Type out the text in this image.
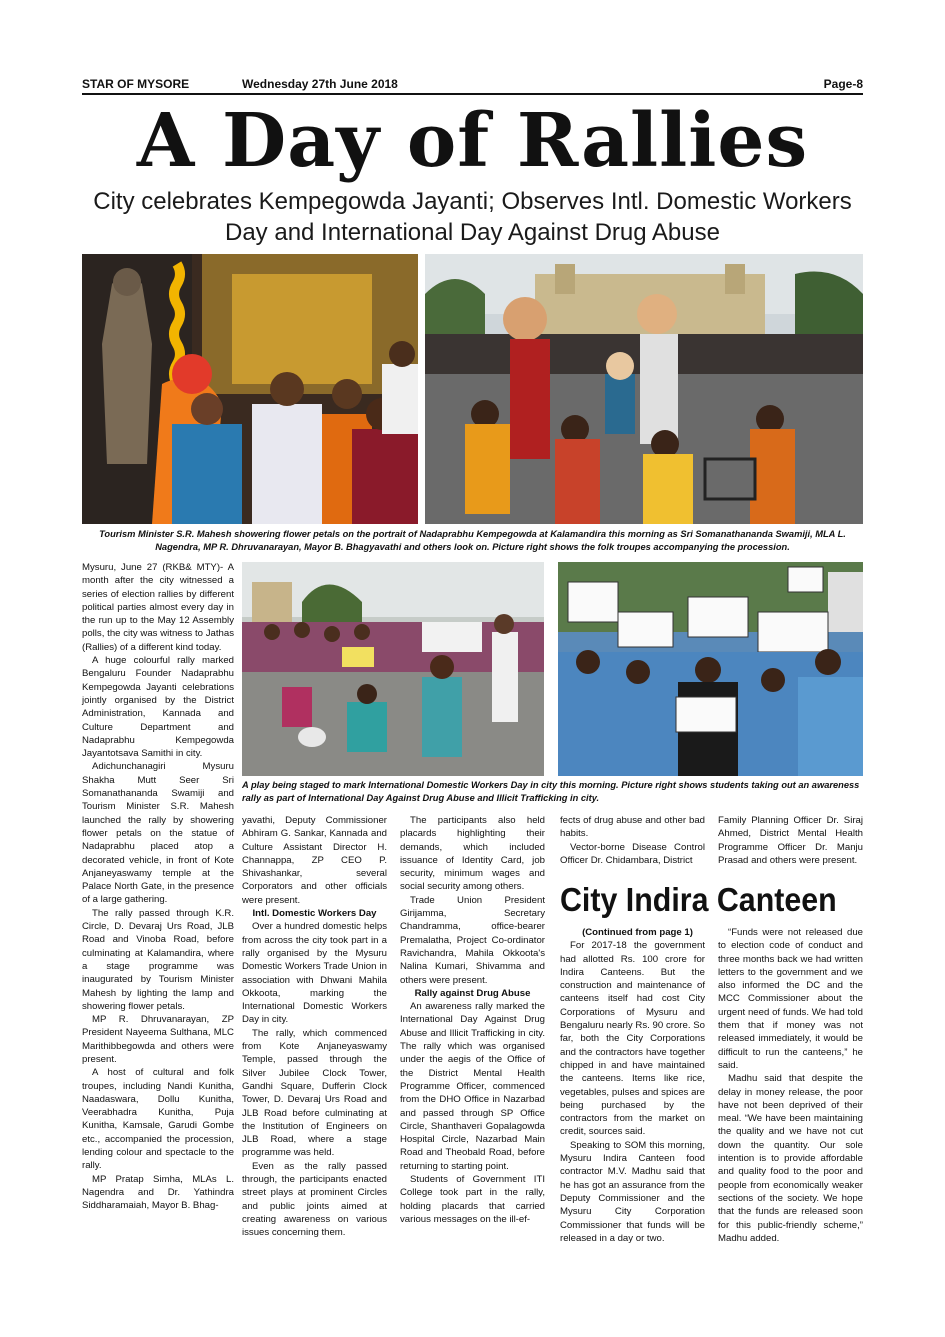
STAR OF MYSORE	Wednesday 27th June 2018	Page-8
A Day of Rallies
City celebrates Kempegowda Jayanti; Observes Intl. Domestic Workers Day and International Day Against Drug Abuse
Tourism Minister S.R. Mahesh showering flower petals on the portrait of Nadaprabhu Kempegowda at Kalamandira this morning as Sri Somanathananda Swamiji, MLA L. Nagendra, MP R. Dhruvanarayan, Mayor B. Bhagyavathi and others look on. Picture right shows the folk troupes accompanying the procession.
A play being staged to mark International Domestic Workers Day in city this morning. Picture right shows students taking out an awareness rally as part of International Day Against Drug Abuse and Illicit Trafficking in city.

Mysuru, June 27 (RKB& MTY)- A month after the city witnessed a series of election rallies by different political parties almost every day in the run up to the May 12 Assembly polls, the city was witness to Jathas (Rallies) of a different kind today.

A huge colourful rally marked Bengaluru Founder Nadaprabhu Kempegowda Jayanti celebrations jointly organised by the District Administration, Kannada and Culture Department and Nadaprabhu Kempegowda Jayantotsava Samithi in city.

Adichunchanagiri Mysuru Shakha Mutt Seer Sri Somanathananda Swamiji and Tourism Minister S.R. Mahesh launched the rally by showering flower petals on the statue of Nadaprabhu placed atop a decorated vehicle, in front of Kote Anjaneyaswamy temple at the Palace North Gate, in the presence of a large gathering.

The rally passed through K.R. Circle, D. Devaraj Urs Road, JLB Road and Vinoba Road, before culminating at Kalamandira, where a stage programme was inaugurated by Tourism Minister Mahesh by lighting the lamp and showering flower petals.

MP R. Dhruvanarayan, ZP President Nayeema Sulthana, MLC Marithibbegowda and others were present.

A host of cultural and folk troupes, including Nandi Kunitha, Naadaswara, Dollu Kunitha, Veerabhadra Kunitha, Puja Kunitha, Kamsale, Garudi Gombe etc., accompanied the procession, lending colour and spectacle to the rally.

MP Pratap Simha, MLAs L. Nagendra and Dr. Yathindra Siddharamaiah, Mayor B. Bhag-

yavathi, Deputy Commissioner Abhiram G. Sankar, Kannada and Culture Assistant Director H. Channappa, ZP CEO P. Shivashankar, several Corporators and other officials were present.

Intl. Domestic Workers Day

Over a hundred domestic helps from across the city took part in a rally organised by the Mysuru Domestic Workers Trade Union in association with Dhwani Mahila Okkoota, marking the International Domestic Workers Day in city.

The rally, which commenced from Kote Anjaneyaswamy Temple, passed through the Silver Jubilee Clock Tower, Gandhi Square, Dufferin Clock Tower, D. Devaraj Urs Road and JLB Road before culminating at the Institution of Engineers on JLB Road, where a stage programme was held.

Even as the rally passed through, the participants enacted street plays at prominent Circles and public joints aimed at creating awareness on various issues concerning them.

The participants also held placards highlighting their demands, which included issuance of Identity Card, job security, minimum wages and social security among others.

Trade Union President Girijamma, Secretary Chandramma, office-bearer Premalatha, Project Co-ordinator Ravichandra, Mahila Okkoota's Nalina Kumari, Shivamma and others were present.

Rally against Drug Abuse

An awareness rally marked the International Day Against Drug Abuse and Illicit Trafficking in city. The rally which was organised under the aegis of the Office of the District Mental Health Programme Officer, commenced from the DHO Office in Nazarbad and passed through SP Office Circle, Shanthaveri Gopalagowda Hospital Circle, Nazarbad Main Road and Theobald Road, before returning to starting point.

Students of Government ITI College took part in the rally, holding placards that carried various messages on the ill-ef-

fects of drug abuse and other bad habits.

Vector-borne Disease Control Officer Dr. Chidambara, District

Family Planning Officer Dr. Siraj Ahmed, District Mental Health Programme Officer Dr. Manju Prasad and others were present.

City Indira Canteen

(Continued from page 1)

For 2017-18 the government had allotted Rs. 100 crore for Indira Canteens. But the construction and maintenance of canteens itself had cost City Corporations of Mysuru and Bengaluru nearly Rs. 90 crore. So far, both the City Corporations and the contractors have together chipped in and have maintained the canteens. Items like rice, vegetables, pulses and spices are being purchased by the contractors from the market on credit, sources said.

Speaking to SOM this morning, Mysuru Indira Canteen food contractor M.V. Madhu said that he has got an assurance from the Deputy Commissioner and the Mysuru City Corporation Commissioner that funds will be released in a day or two.

“Funds were not released due to election code of conduct and three months back we had written letters to the government and we also informed the DC and the MCC Commissioner about the urgent need of funds. We had told them that if money was not released immediately, it would be difficult to run the canteens,” he said.

Madhu said that despite the delay in money release, the poor have not been deprived of their meal. “We have been maintaining the quality and we have not cut down the quantity. Our sole intention is to provide affordable and quality food to the poor and people from economically weaker sections of the society. We hope that the funds are released soon for this public-friendly scheme,” Madhu added.
